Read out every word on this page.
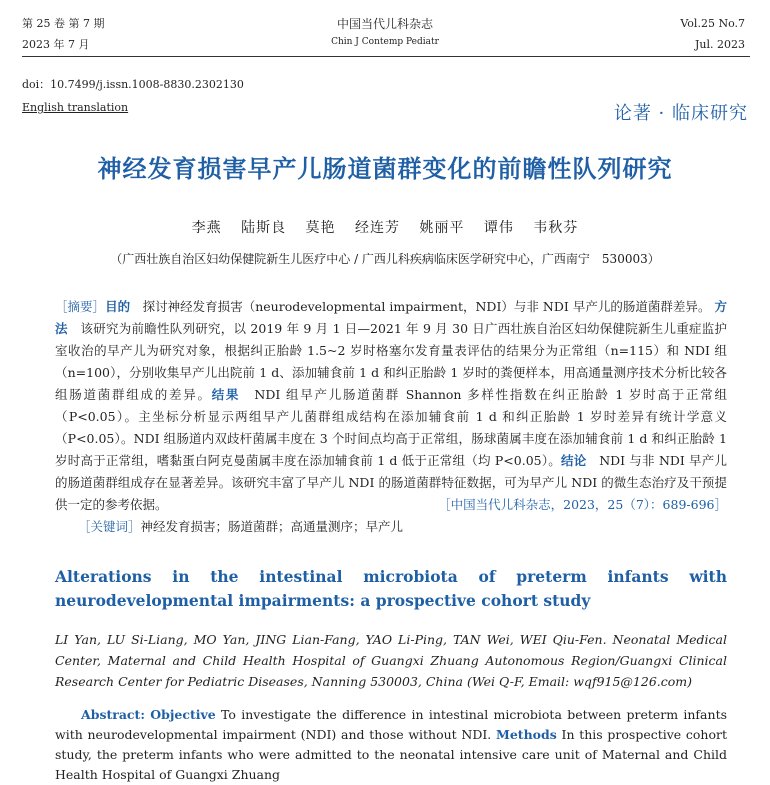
第 25 卷 第 7 期
2023 年 7 月
中国当代儿科杂志
Chin J Contemp Pediatr
Vol.25 No.7
Jul. 2023
doi：10.7499/j.issn.1008-8830.2302130
English translation	论著 · 临床研究
神经发育损害早产儿肠道菌群变化的前瞻性队列研究
李燕 陆斯良 莫艳 经连芳 姚丽平 谭伟 韦秋芬
（广西壮族自治区妇幼保健院新生儿医疗中心 / 广西儿科疾病临床医学研究中心，广西南宁　530003）
［摘要］目的　探讨神经发育损害（neurodevelopmental impairment，NDI）与非 NDI 早产儿的肠道菌群差异。 方法　该研究为前瞻性队列研究，以 2019 年 9 月 1 日—2021 年 9 月 30 日广西壮族自治区妇幼保健院新生儿重症监护室收治的早产儿为研究对象，根据纠正胎龄 1.5~2 岁时格塞尔发育量表评估的结果分为正常组（n=115）和 NDI 组（n=100），分别收集早产儿出院前 1 d、添加辅食前 1 d 和纠正胎龄 1 岁时的粪便样本，用高通量测序技术分析比较各组肠道菌群组成的差异。结果　NDI 组早产儿肠道菌群 Shannon 多样性指数在纠正胎龄 1 岁时高于正常组（P<0.05）。主坐标分析显示两组早产儿菌群组成结构在添加辅食前 1 d 和纠正胎龄 1 岁时差异有统计学意义（P<0.05）。NDI 组肠道内双歧杆菌属丰度在 3 个时间点均高于正常组，肠球菌属丰度在添加辅食前 1 d 和纠正胎龄 1 岁时高于正常组，嗜黏蛋白阿克曼菌属丰度在添加辅食前 1 d 低于正常组（均 P<0.05）。结论　NDI 与非 NDI 早产儿的肠道菌群组成存在显著差异。该研究丰富了早产儿 NDI 的肠道菌群特征数据，可为早产儿 NDI 的微生态治疗及干预提供一定的参考依据。	［中国当代儿科杂志，2023，25（7）：689-696］
［关键词］神经发育损害；肠道菌群；高通量测序；早产儿
Alterations in the intestinal microbiota of preterm infants with neurodevelopmental impairments: a prospective cohort study
LI Yan, LU Si-Liang, MO Yan, JING Lian-Fang, YAO Li-Ping, TAN Wei, WEI Qiu-Fen. Neonatal Medical Center, Maternal and Child Health Hospital of Guangxi Zhuang Autonomous Region/Guangxi Clinical Research Center for Pediatric Diseases, Nanning 530003, China (Wei Q-F, Email: wqf915@126.com)
Abstract: Objective To investigate the difference in intestinal microbiota between preterm infants with neurodevelopmental impairment (NDI) and those without NDI. Methods In this prospective cohort study, the preterm infants who were admitted to the neonatal intensive care unit of Maternal and Child Health Hospital of Guangxi Zhuang
